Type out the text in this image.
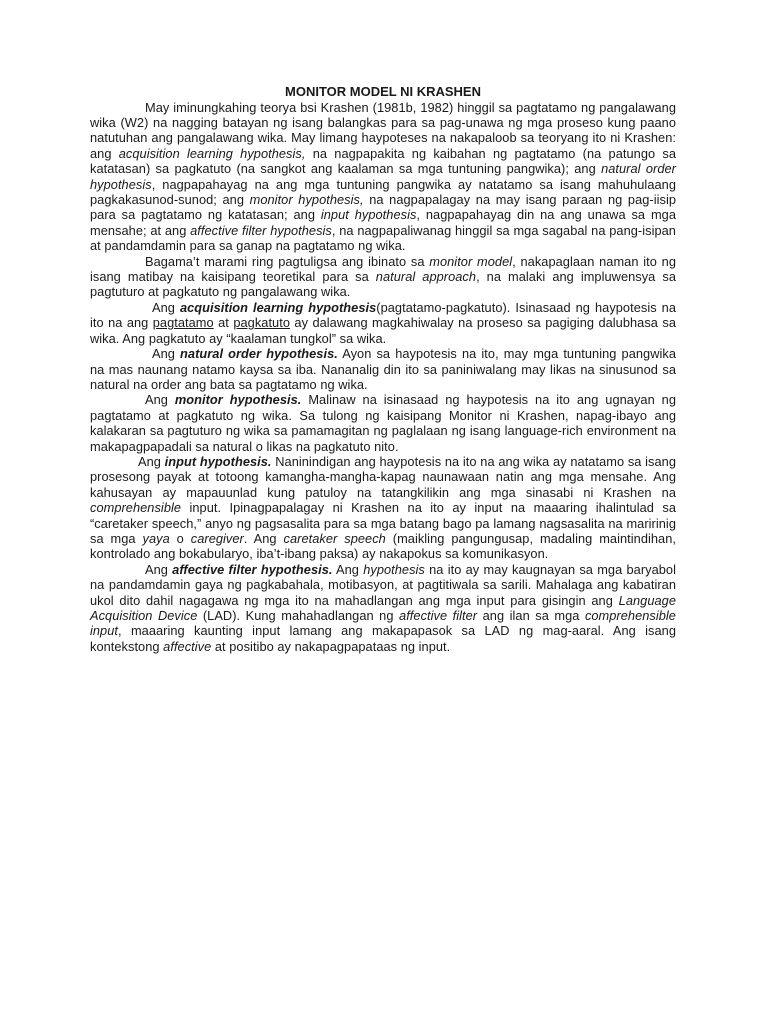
MONITOR MODEL NI KRASHEN

May iminungkahing teorya bsi Krashen (1981b, 1982) hinggil sa pagtatamo ng pangalawang wika (W2) na nagging batayan ng isang balangkas para sa pag-unawa ng mga proseso kung paano natutuhan ang pangalawang wika. May limang haypoteses na nakapaloob sa teoryang ito ni Krashen: ang acquisition learning hypothesis, na nagpapakita ng kaibahan ng pagtatamo (na patungo sa katatasan) sa pagkatuto (na sangkot ang kaalaman sa mga tuntuning pangwika); ang natural order hypothesis, nagpapahayag na ang mga tuntuning pangwika ay natatamo sa isang mahuhulaang pagkakasunod-sunod; ang monitor hypothesis, na nagpapalagay na may isang paraan ng pag-iisip para sa pagtatamo ng katatasan; ang input hypothesis, nagpapahayag din na ang unawa sa mga mensahe; at ang affective filter hypothesis, na nagpapaliwanag hinggil sa mga sagabal na pang-isipan at pandamdamin para sa ganap na pagtatamo ng wika.

Bagama’t marami ring pagtuligsa ang ibinato sa monitor model, nakapaglaan naman ito ng isang matibay na kaisipang teoretikal para sa natural approach, na malaki ang impluwensya sa pagtuturo at pagkatuto ng pangalawang wika.

Ang acquisition learning hypothesis(pagtatamo-pagkatuto). Isinasaad ng haypotesis na ito na ang pagtatamo at pagkatuto ay dalawang magkahiwalay na proseso sa pagiging dalubhasa sa wika. Ang pagkatuto ay “kaalaman tungkol” sa wika.

Ang natural order hypothesis. Ayon sa haypotesis na ito, may mga tuntuning pangwika na mas naunang natamo kaysa sa iba. Nananalig din ito sa paniniwalang may likas na sinusunod sa natural na order ang bata sa pagtatamo ng wika.

Ang monitor hypothesis. Malinaw na isinasaad ng haypotesis na ito ang ugnayan ng pagtatamo at pagkatuto ng wika. Sa tulong ng kaisipang Monitor ni Krashen, napag-ibayo ang kalakaran sa pagtuturo ng wika sa pamamagitan ng paglalaan ng isang language-rich environment na makapagpapadali sa natural o likas na pagkatuto nito.

Ang input hypothesis. Naninindigan ang haypotesis na ito na ang wika ay natatamo sa isang prosesong payak at totoong kamangha-mangha-kapag naunawaan natin ang mga mensahe. Ang kahusayan ay mapauunlad kung patuloy na tatangkilikin ang mga sinasabi ni Krashen na comprehensible input. Ipinagpapalagay ni Krashen na ito ay input na maaaring ihalintulad sa “caretaker speech,” anyo ng pagsasalita para sa mga batang bago pa lamang nagsasalita na maririnig sa mga yaya o caregiver. Ang caretaker speech (maikling pangungusap, madaling maintindihan, kontrolado ang bokabularyo, iba’t-ibang paksa) ay nakapokus sa komunikasyon.

Ang affective filter hypothesis. Ang hypothesis na ito ay may kaugnayan sa mga baryabol na pandamdamin gaya ng pagkabahala, motibasyon, at pagtitiwala sa sarili. Mahalaga ang kabatiran ukol dito dahil nagagawa ng mga ito na mahadlangan ang mga input para gisingin ang Language Acquisition Device (LAD). Kung mahahadlangan ng affective filter ang ilan sa mga comprehensible input, maaaring kaunting input lamang ang makapapasok sa LAD ng mag-aaral. Ang isang kontekstong affective at positibo ay nakapagpapataas ng input.
